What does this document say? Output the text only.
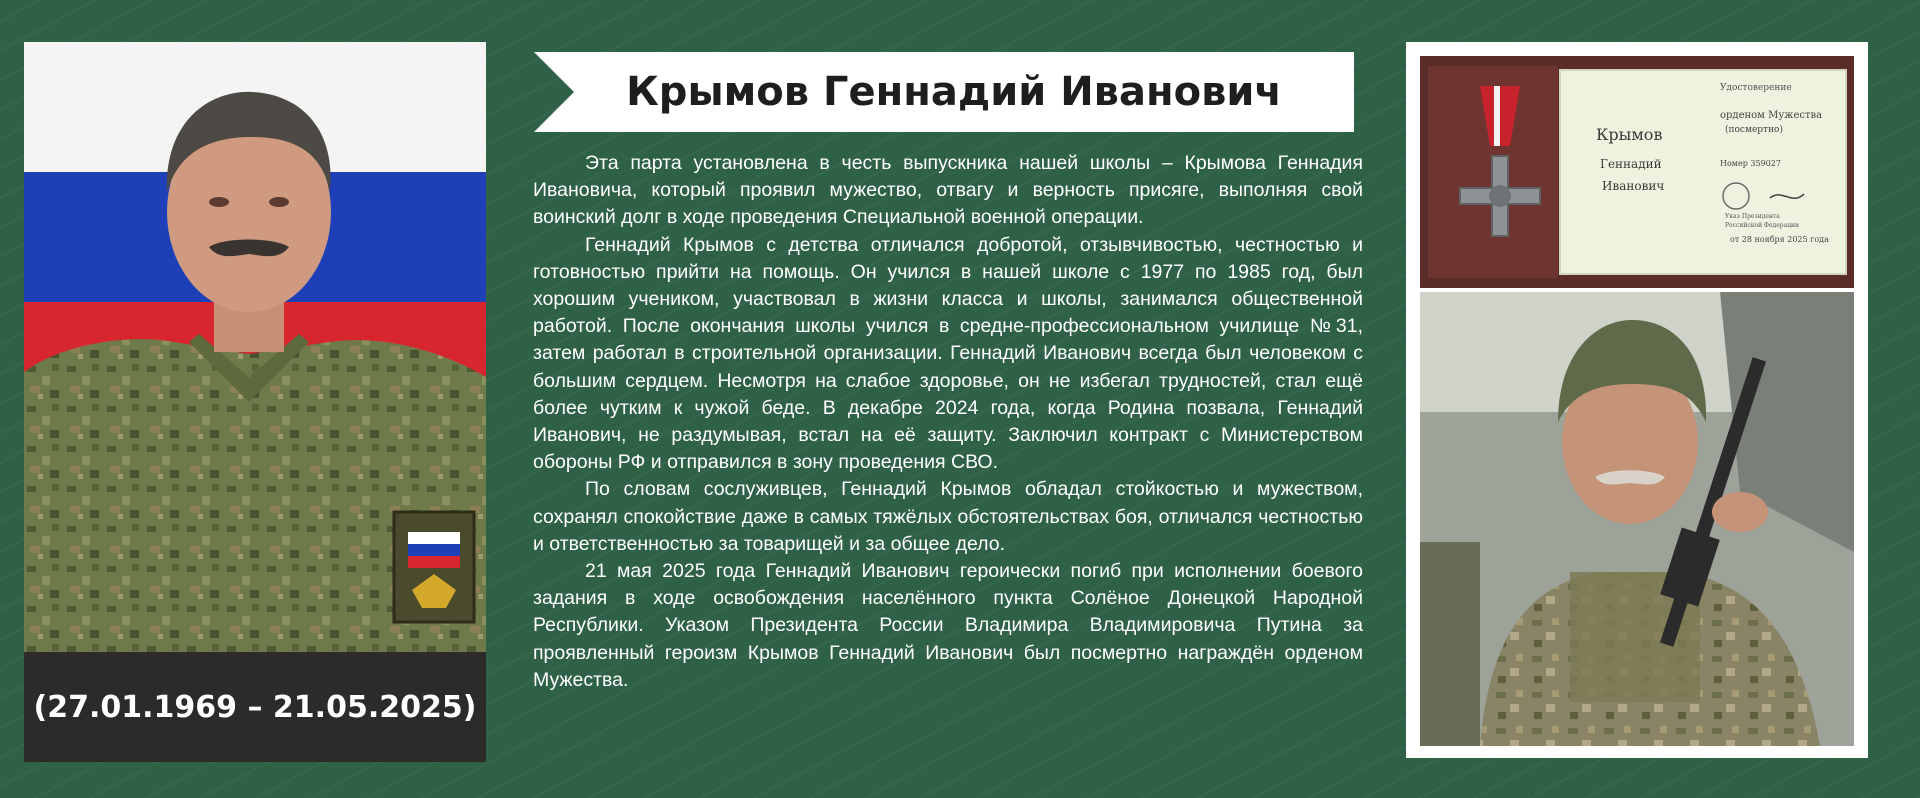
(27.01.1969 – 21.05.2025)
Крымов Геннадий Иванович

Эта парта установлена в честь выпускника нашей школы – Крымова Геннадия Ивановича, который проявил мужество, отвагу и верность присяге, выполняя свой воинский долг в ходе проведения Специальной военной операции.

Геннадий Крымов с детства отличался добротой, отзывчивостью, честностью и готовностью прийти на помощь. Он учился в нашей школе с 1977 по 1985 год, был хорошим учеником, участвовал в жизни класса и школы, занимался общественной работой. После окончания школы учился в средне-профессиональном училище №31, затем работал в строительной организации. Геннадий Иванович всегда был человеком с большим сердцем. Несмотря на слабое здоровье, он не избегал трудностей, стал ещё более чутким к чужой беде. В декабре 2024 года, когда Родина позвала, Геннадий Иванович, не раздумывая, встал на её защиту. Заключил контракт с Министерством обороны РФ и отправился в зону проведения СВО.

По словам сослуживцев, Геннадий Крымов обладал стойкостью и мужеством, сохранял спокойствие даже в самых тяжёлых обстоятельствах боя, отличался честностью и ответственностью за товарищей и за общее дело.

21 мая 2025 года Геннадий Иванович героически погиб при исполнении боевого задания в ходе освобождения населённого пункта Солёное Донецкой Народной Республики. Указом Президента России Владимира Владимировича Путина за проявленный героизм Крымов Геннадий Иванович был посмертно награждён орденом Мужества.

Удостоверение
орденом Мужества
(посмертно)
Крымов
Геннадий
Иванович
Номер 359027
Указ Президента
Российской Федерации
от 28 ноября 2025 года
